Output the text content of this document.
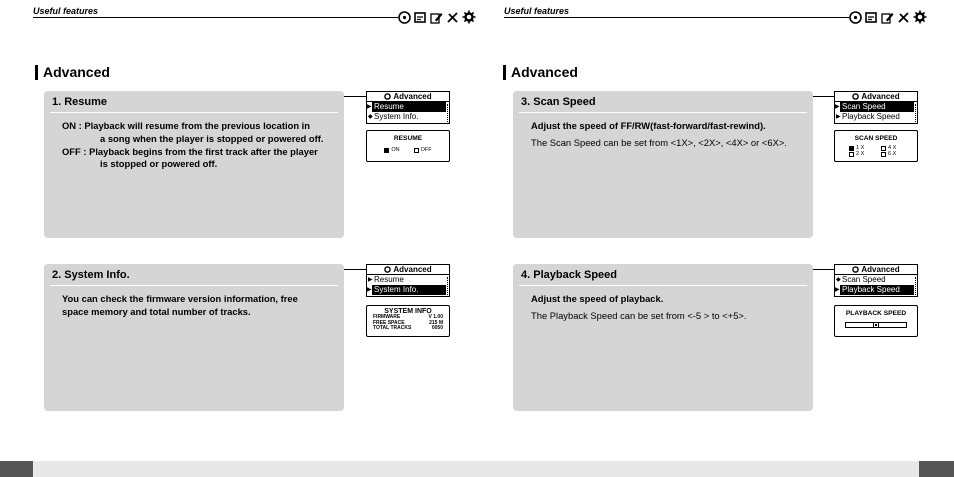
Useful features
Advanced
1. Resume
ON : Playback will resume from the previous location in
a song when the player is stopped or powered off.
OFF : Playback begins from the first track after the player
is stopped or powered off.
2. System Info.
You can check the firmware version information, free
space memory and total number of tracks.
Advanced
▶ Resume
◆ System Info.
RESUME
ON	OFF
Advanced
▶ Resume
▶ System Info.
SYSTEM INFO
FIRMWARE	V 1.00
FREE SPACE	215 M
TOTAL TRACKS	0050
Useful features
Advanced
3. Scan Speed
Adjust the speed of FF/RW(fast-forward/fast-rewind).
The Scan Speed can be set from <1X>, <2X>, <4X> or <6X>.
4. Playback Speed
Adjust the speed of playback.
The Playback Speed can be set from <-5 > to <+5>.
Advanced
▶ Scan Speed
▶ Playback Speed
SCAN SPEED
1 X	4 X
2 X	6 X
Advanced
◆ Scan Speed
▶ Playback Speed
PLAYBACK SPEED
